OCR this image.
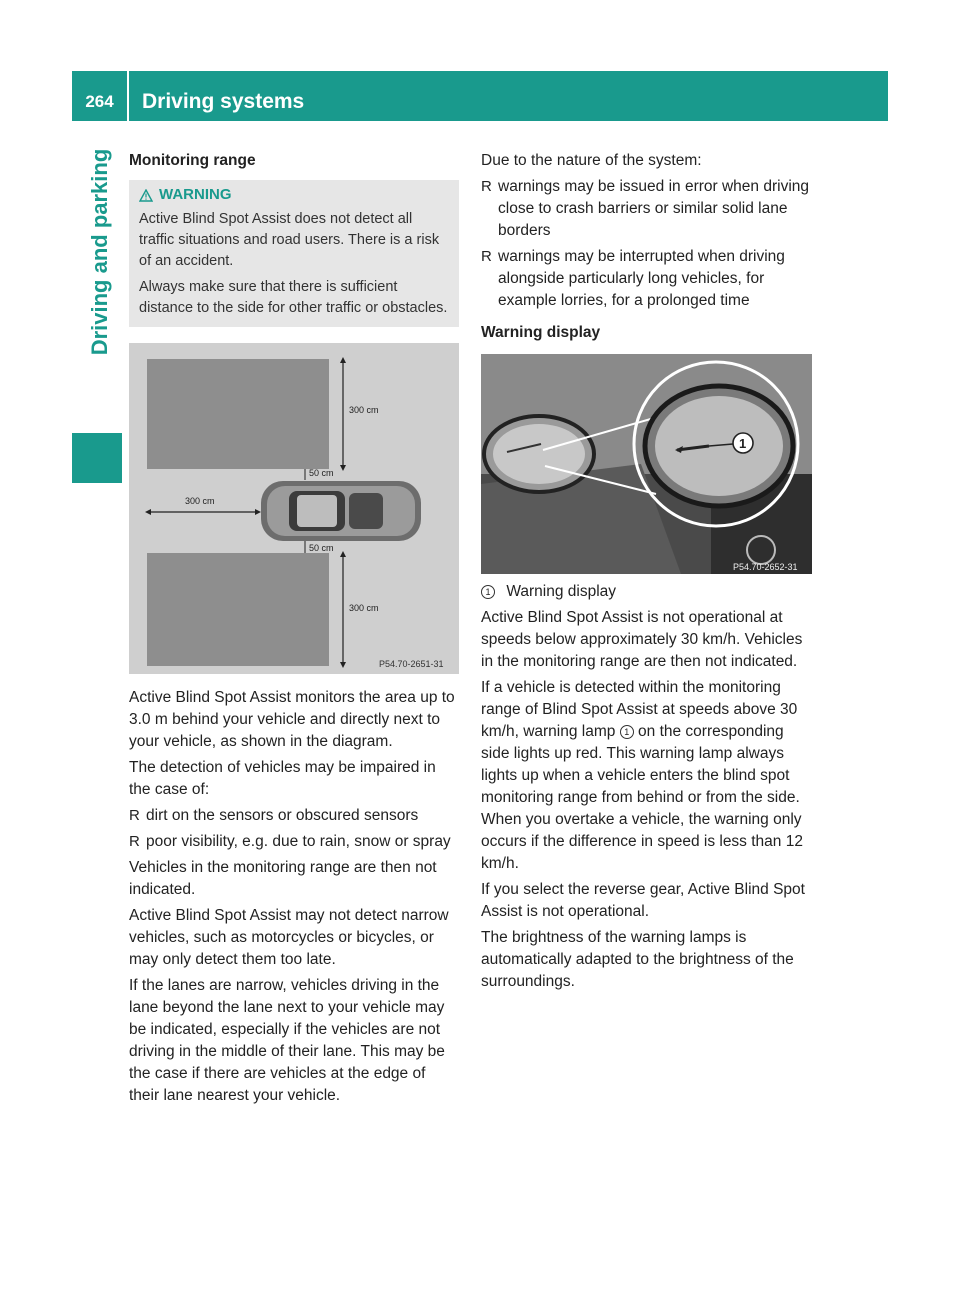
264	Driving systems
Driving and parking Monitoring range
WARNING
Active Blind Spot Assist does not detect all traffic situations and road users. There is a risk of an accident.
Always make sure that there is sufficient distance to the side for other traffic or obstacles.
300 cm
50 cm
300 cm
50 cm
300 cm
P54.70-2651-31

Active Blind Spot Assist monitors the area up to 3.0 m behind your vehicle and directly next to your vehicle, as shown in the diagram.

The detection of vehicles may be impaired in the case of:

R dirt on the sensors or obscured sensors
R poor visibility, e.g. due to rain, snow or spray

Vehicles in the monitoring range are then not indicated.

Active Blind Spot Assist may not detect narrow vehicles, such as motorcycles or bicycles, or may only detect them too late.

If the lanes are narrow, vehicles driving in the lane beyond the lane next to your vehicle may be indicated, especially if the vehicles are not driving in the middle of their lane. This may be the case if there are vehicles at the edge of their lane nearest your vehicle.

Due to the nature of the system:

R warnings may be issued in error when driving close to crash barriers or similar solid lane borders
R warnings may be interrupted when driving alongside particularly long vehicles, for example lorries, for a prolonged time
Warning display
1
P54.70-2652-31

1 Warning display

Active Blind Spot Assist is not operational at speeds below approximately 30 km/h. Vehicles in the monitoring range are then not indicated.

If a vehicle is detected within the monitoring range of Blind Spot Assist at speeds above 30 km/h, warning lamp 1 on the corresponding side lights up red. This warning lamp always lights up when a vehicle enters the blind spot monitoring range from behind or from the side. When you overtake a vehicle, the warning only occurs if the difference in speed is less than 12 km/h.

If you select the reverse gear, Active Blind Spot Assist is not operational.

The brightness of the warning lamps is automatically adapted to the brightness of the surroundings.
